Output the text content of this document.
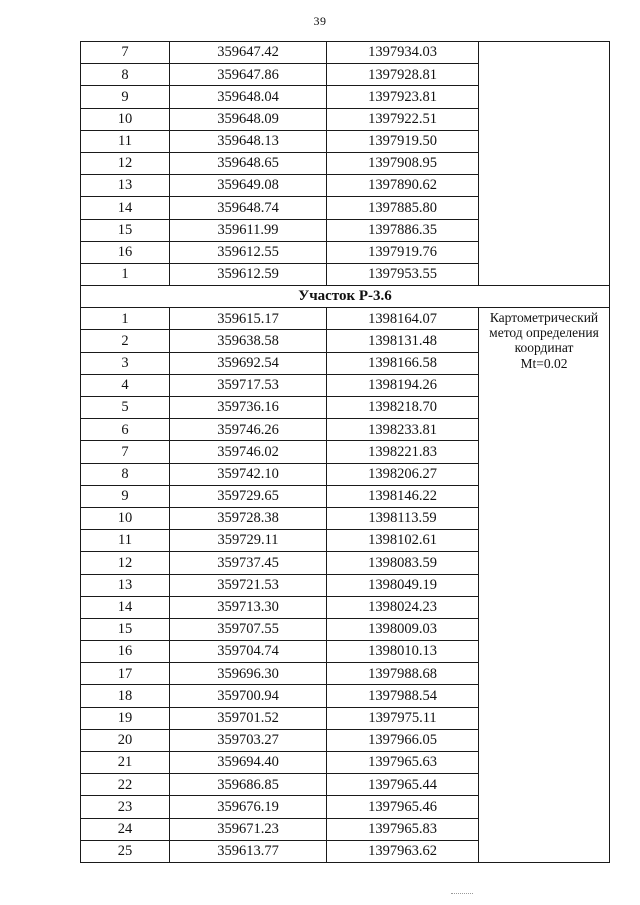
39
7	359647.42	1397934.03	
8	359647.86	1397928.81	
9	359648.04	1397923.81	
10	359648.09	1397922.51	
11	359648.13	1397919.50	
12	359648.65	1397908.95	
13	359649.08	1397890.62	
14	359648.74	1397885.80	
15	359611.99	1397886.35	
16	359612.55	1397919.76	
1	359612.59	1397953.55	
Участок Р-3.6			
1	359615.17	1398164.07	Картометрический
метод определения
координат
Mt=0.02

2	359638.58	1398131.48	
3	359692.54	1398166.58	
4	359717.53	1398194.26	
5	359736.16	1398218.70	
6	359746.26	1398233.81	
7	359746.02	1398221.83	
8	359742.10	1398206.27	
9	359729.65	1398146.22	
10	359728.38	1398113.59	
11	359729.11	1398102.61	
12	359737.45	1398083.59	
13	359721.53	1398049.19	
14	359713.30	1398024.23	
15	359707.55	1398009.03	
16	359704.74	1398010.13	
17	359696.30	1397988.68	
18	359700.94	1397988.54	
19	359701.52	1397975.11	
20	359703.27	1397966.05	
21	359694.40	1397965.63	
22	359686.85	1397965.44	
23	359676.19	1397965.46	
24	359671.23	1397965.83	
25	359613.77	1397963.62	
